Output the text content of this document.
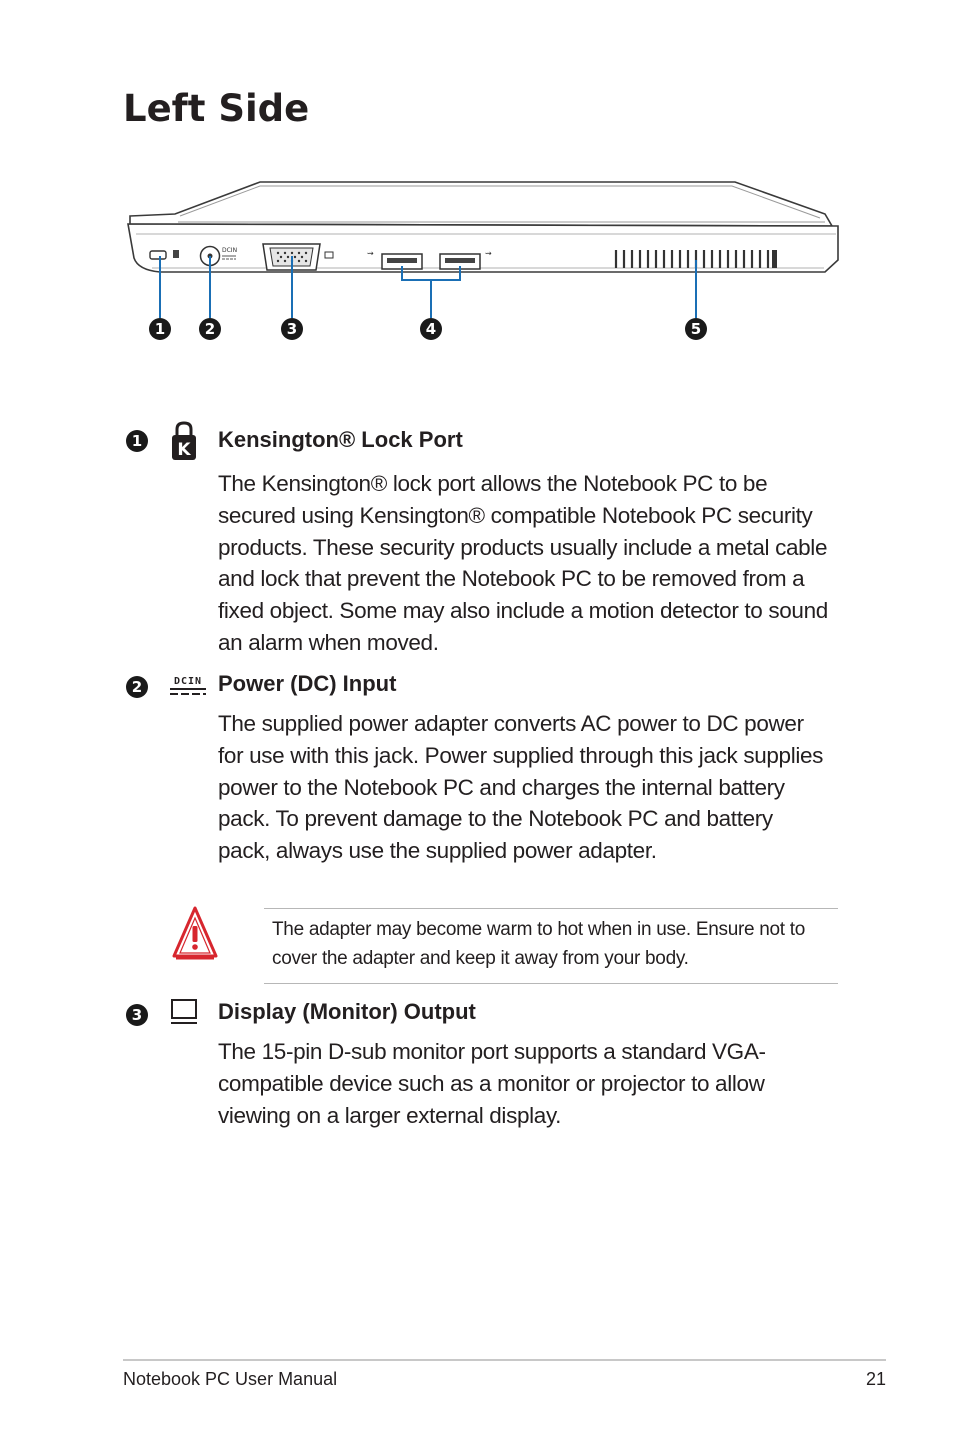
Left Side
DCIN	⇝	⇝
1	2	3	4	5
1	K Kensington® Lock Port

The Kensington® lock port allows the Notebook PC to be secured using Kensington® compatible Notebook PC security products. These security products usually include a metal cable and lock that prevent the Notebook PC to be removed from a fixed object. Some may also include a motion detector to sound an alarm when moved.

2	DCIN Power (DC) Input

The supplied power adapter converts AC power to DC power for use with this jack. Power supplied through this jack supplies power to the Notebook PC and charges the internal battery pack. To prevent damage to the Notebook PC and battery pack, always use the supplied power adapter.

The adapter may become warm to hot when in use. Ensure not to cover the adapter and keep it away from your body.

3	Display (Monitor) Output

The 15-pin D-sub monitor port supports a standard VGA-compatible device such as a monitor or projector to allow viewing on a larger external display.

Notebook PC User Manual	21
